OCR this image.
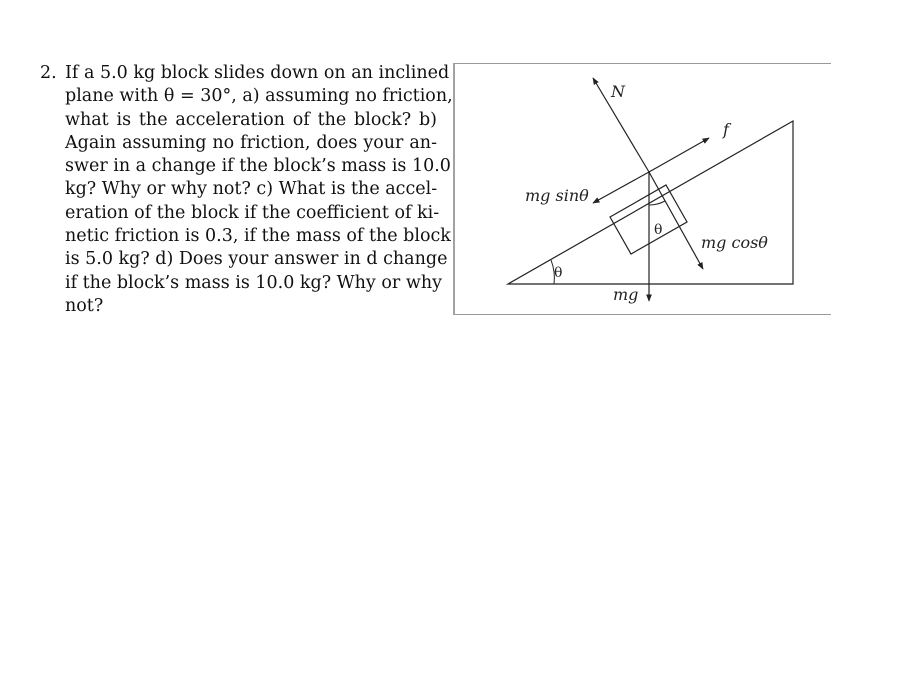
2. If a 5.0 kg block slides down on an inclined
plane with θ = 30°, a) assuming no friction,
what is the acceleration of the block? b)
Again assuming no friction, does your an-
swer in a change if the block’s mass is 10.0
kg? Why or why not? c) What is the accel-
eration of the block if the coefficient of ki-
netic friction is 0.3, if the mass of the block
is 5.0 kg? d) Does your answer in d change
if the block’s mass is 10.0 kg? Why or why
not?
N
f
mg sinθ
mg cosθ
θ
θ
mg
